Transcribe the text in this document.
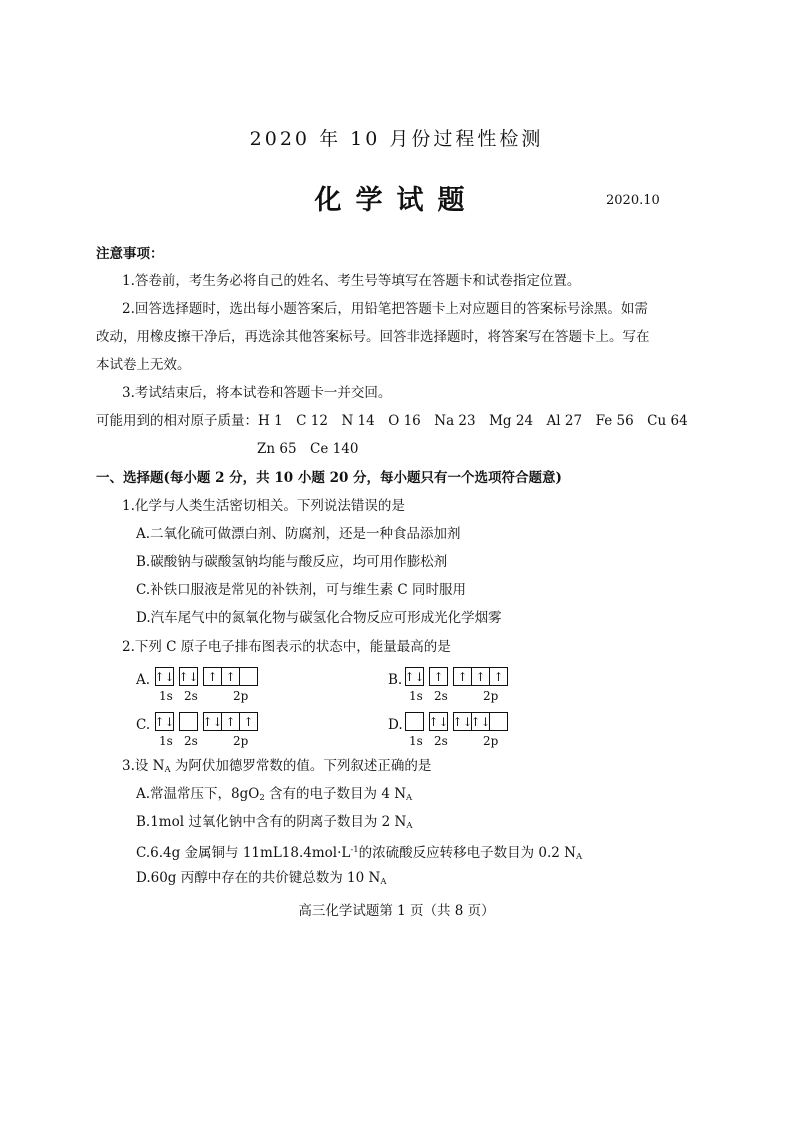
2020 年 10 月份过程性检测
化学试题	2020.10
注意事项：
1.答卷前，考生务必将自己的姓名、考生号等填写在答题卡和试卷指定位置。
2.回答选择题时，选出每小题答案后，用铅笔把答题卡上对应题目的答案标号涂黑。如需
改动，用橡皮擦干净后，再选涂其他答案标号。回答非选择题时，将答案写在答题卡上。写在
本试卷上无效。
3.考试结束后，将本试卷和答题卡一并交回。
可能用到的相对原子质量：H 1　C 12　N 14　O 16　Na 23　Mg 24　Al 27　Fe 56　Cu 64
Zn 65　Ce 140
一、选择题(每小题 2 分，共 10 小题 20 分，每小题只有一个选项符合题意)
1.化学与人类生活密切相关。下列说法错误的是
A.二氧化硫可做漂白剂、防腐剂，还是一种食品添加剂
B.碳酸钠与碳酸氢钠均能与酸反应，均可用作膨松剂
C.补铁口服液是常见的补铁剂，可与维生素 C 同时服用
D.汽车尾气中的氮氧化物与碳氢化合物反应可形成光化学烟雾
2.下列 C 原子电子排布图表示的状态中，能量最高的是
A. ↑↓ ↑↓ ↑ ↑
1s 2s	2p
B. ↑↓ ↑	↑ ↑ ↑
1s 2s	2p
C. ↑↓ ↑↓ ↑ ↑
1s 2s	2p
D. ↑↓ ↑↓
↑↓
1s 2s	2p
3.设 $N_A$ 为阿伏加德罗常数的值。下列叙述正确的是
A.常温常压下，$8gO_2$ 含有的电子数目为 4 $N_A$
B.1mol 过氧化钠中含有的阴离子数目为 2 $N_A$
C.6.4g 金属铜与 $11mL18.4mol\cdot L^{-1}$的浓硫酸反应转移电子数目为 0.2 $N_A$
D.60g 丙醇中存在的共价键总数为 10 $N_A$
高三化学试题第 1 页（共 8 页）
